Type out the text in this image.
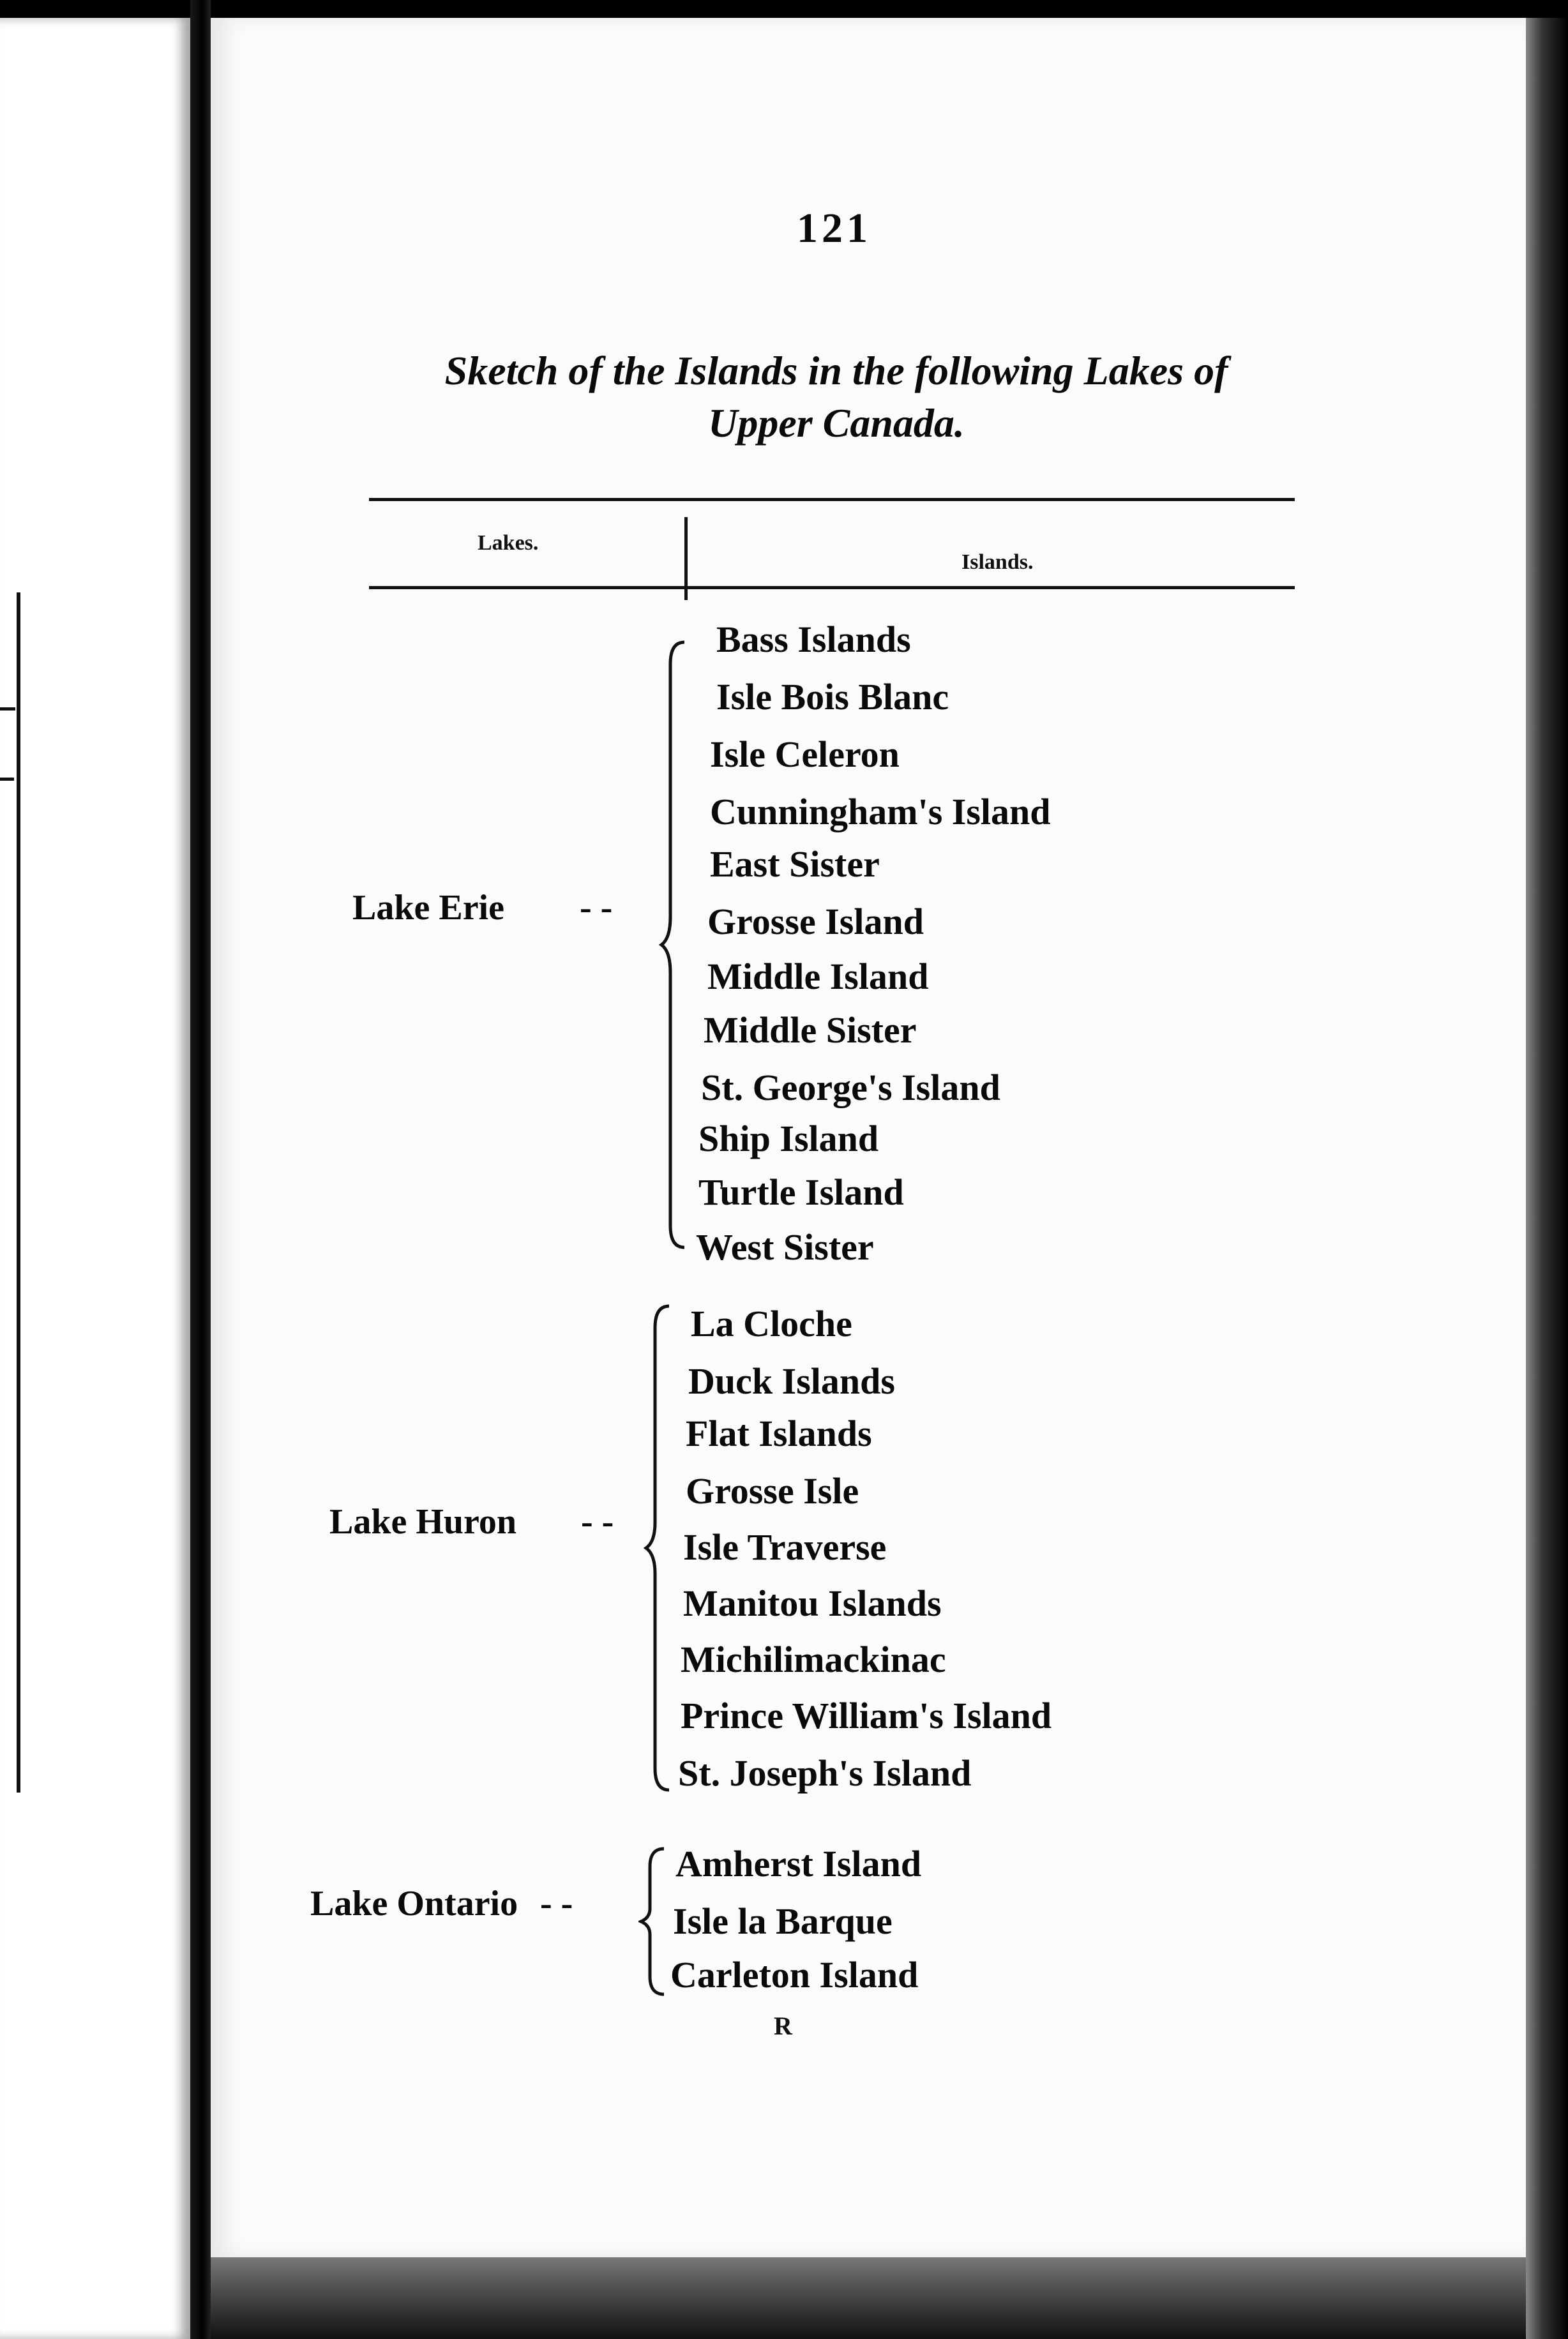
121
Sketch of the Islands in the following Lakes of
Upper Canada.
Lakes.
Islands.
Lake Erie - -
Bass Islands
Isle Bois Blanc
Isle Celeron
Cunningham's Island
East Sister
Grosse Island
Middle Island
Middle Sister
St. George's Island
Ship Island
Turtle Island
West Sister
Lake Huron - -
La Cloche
Duck Islands
Flat Islands
Grosse Isle
Isle Traverse
Manitou Islands
Michilimackinac
Prince William's Island
St. Joseph's Island
Lake Ontario - -
Amherst Island
Isle la Barque
Carleton Island
R
